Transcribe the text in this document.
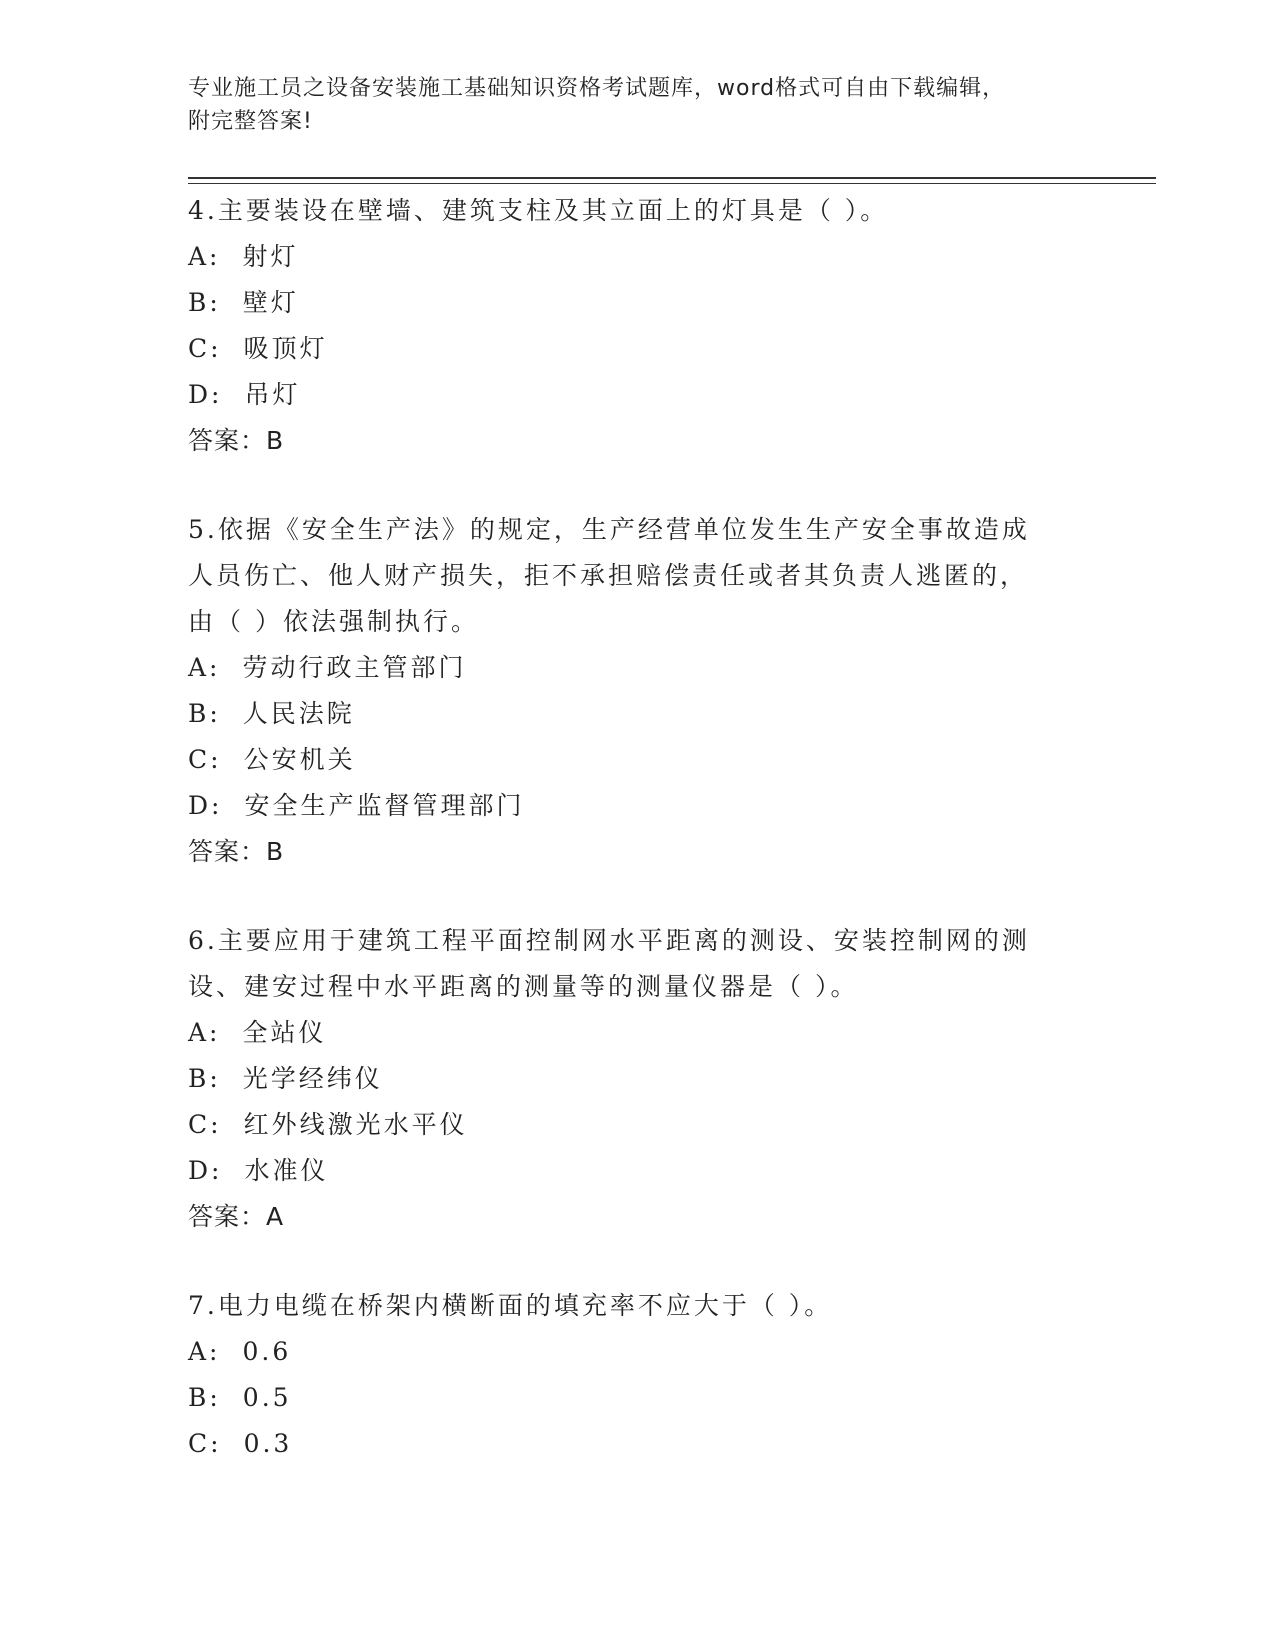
专业施工员之设备安装施工基础知识资格考试题库，word格式可自由下载编辑，
附完整答案!

4.主要装设在壁墙、建筑支柱及其立面上的灯具是（ ）。

A: 射灯

B: 壁灯

C: 吸顶灯

D: 吊灯

答案：B

5.依据《安全生产法》的规定，生产经营单位发生生产安全事故造成

人员伤亡、他人财产损失，拒不承担赔偿责任或者其负责人逃匿的，

由（ ）依法强制执行。

A: 劳动行政主管部门

B: 人民法院

C: 公安机关

D: 安全生产监督管理部门

答案：B

6.主要应用于建筑工程平面控制网水平距离的测设、安装控制网的测

设、建安过程中水平距离的测量等的测量仪器是（ ）。

A: 全站仪

B: 光学经纬仪

C: 红外线激光水平仪

D: 水准仪

答案：A

7.电力电缆在桥架内横断面的填充率不应大于（ ）。

A: 0.6

B: 0.5

C: 0.3
